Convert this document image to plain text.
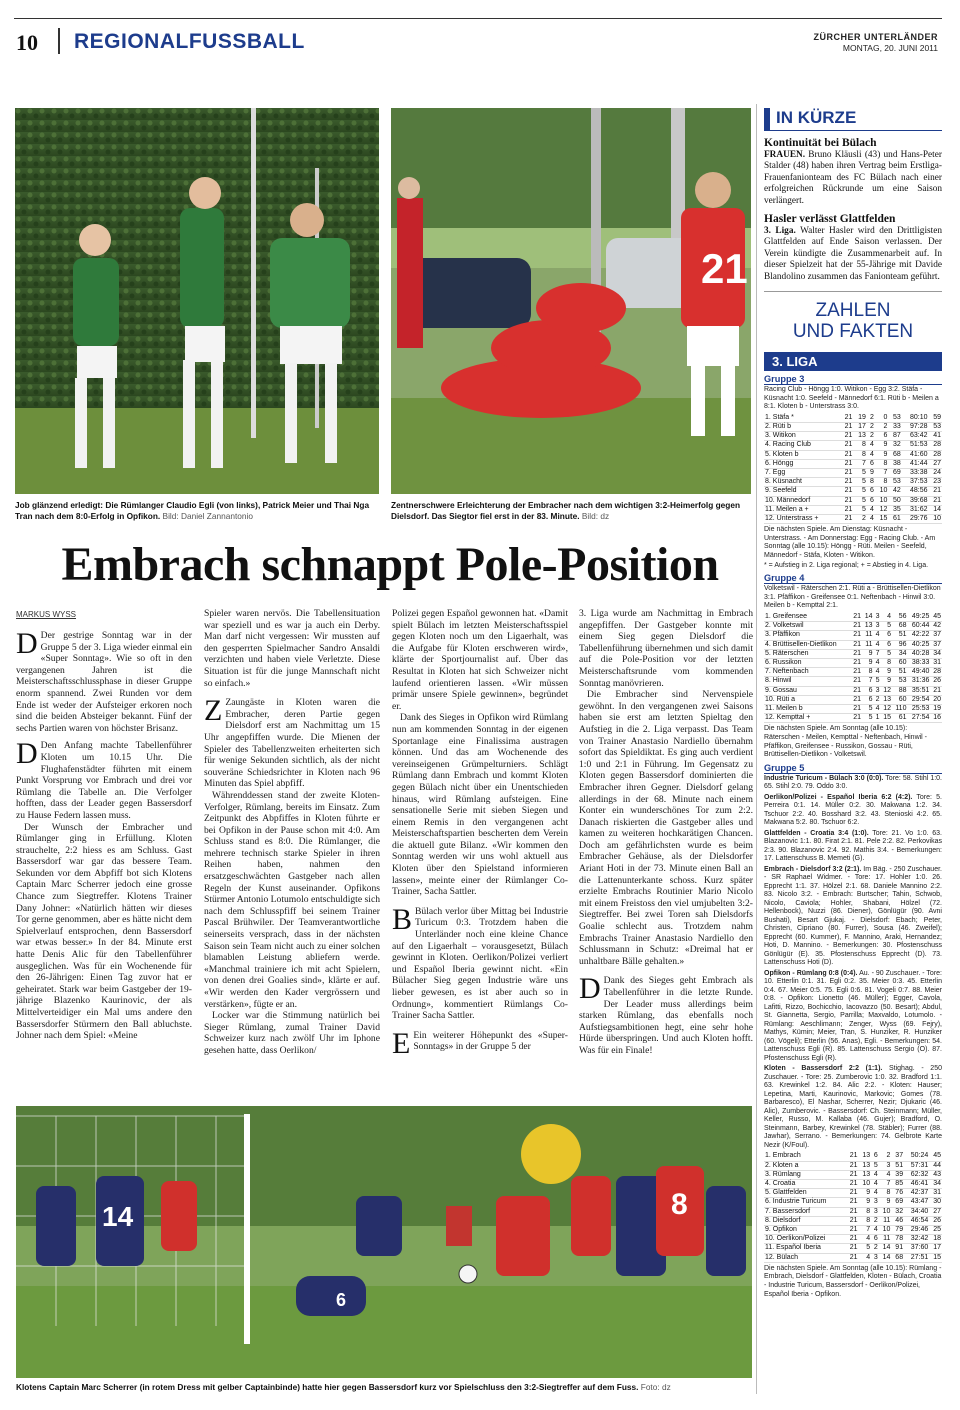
10 REGIONALFUSSBALL	ZÜRCHER UNTERLÄNDER
MONTAG, 20. JUNI 2011
Job glänzend erledigt: Die Rümlanger Claudio Egli (von links), Patrick Meier und Thai Nga Tran nach dem 8:0-Erfolg in Opfikon. Bild: Daniel Zannantonio
21
Zentnerschwere Erleichterung der Embracher nach dem wichtigen 3:2-Heimerfolg gegen Dielsdorf. Das Siegtor fiel erst in der 83. Minute. Bild: dz
Embrach schnappt Pole-Position
MARKUS WYSS

D Der gestrige Sonntag war in der Gruppe 5 der 3. Liga wieder einmal ein «Super Sonntag». Wie so oft in den vergangenen Jahren ist die Meisterschaftsschlussphase in dieser Gruppe enorm spannend. Zwei Runden vor dem Ende ist weder der Aufsteiger erkoren noch sind die beiden Absteiger bekannt. Fünf der sechs Partien waren von höchster Brisanz.

D Den Anfang machte Tabellenführer Kloten um 10.15 Uhr. Die Flughafenstädter führten mit einem Punkt Vorsprung vor Embrach und drei vor Rümlang die Tabelle an. Die Verfolger hofften, dass der Leader gegen Bassersdorf zu Hause Federn lassen muss.

Der Wunsch der Embracher und Rümlanger ging in Erfüllung. Kloten strauchelte, 2:2 hiess es am Schluss. Gast Bassersdorf war gar das bessere Team. Sekunden vor dem Abpfiff bot sich Klotens Captain Marc Scherrer jedoch eine grosse Chance zum Siegtreffer. Klotens Trainer Dany Johner: «Natürlich hätten wir dieses Tor gerne genommen, aber es hätte nicht dem Spielverlauf entsprochen, denn Bassersdorf war etwas besser.» In der 84. Minute erst hatte Denis Alic für den Tabellenführer ausgeglichen. Was für ein Wochenende für den 26-Jährigen: Einen Tag zuvor hat er geheiratet. Stark war beim Gastgeber der 19-jährige Blazenko Kaurinovic, der als Mittelverteidiger ein Mal ums andere den Bassersdorfer Stürmern den Ball abluchste. Johner nach dem Spiel: «Meine

Spieler waren nervös. Die Tabellensituation war speziell und es war ja auch ein Derby. Man darf nicht vergessen: Wir mussten auf den gesperrten Spielmacher Sandro Ansaldi verzichten und haben viele Verletzte. Diese Situation ist für die junge Mannschaft nicht so einfach.»

Z Zaungäste in Kloten waren die Embracher, deren Partie gegen Dielsdorf erst am Nachmittag um 15 Uhr angepfiffen wurde. Die Mienen der Spieler des Tabellenzweiten erheiterten sich für wenige Sekunden sichtlich, als der nicht souveräne Schiedsrichter in Kloten nach 96 Minuten das Spiel abpfiff.

Währenddessen stand der zweite Kloten-Verfolger, Rümlang, bereits im Einsatz. Zum Zeitpunkt des Abpfiffes in Kloten führte er bei Opfikon in der Pause schon mit 4:0. Am Schluss stand es 8:0. Die Rümlanger, die mehrere technisch starke Spieler in ihren Reihen haben, nahmen den ersatzgeschwächten Gastgeber nach allen Regeln der Kunst auseinander. Opfikons Stürmer Antonio Lotumolo entschuldigte sich nach dem Schlusspfiff bei seinem Trainer Pascal Brühwiler. Der Teamverantwortliche seinerseits versprach, dass in der nächsten Saison sein Team nicht auch zu einer solchen blamablen Leistung abliefern werde. «Manchmal trainiere ich mit acht Spielern, von denen drei Goalies sind», klärte er auf. «Wir werden den Kader vergrössern und verstärken», fügte er an.

Locker war die Stimmung natürlich bei Sieger Rümlang, zumal Trainer David Schweizer kurz nach zwölf Uhr im Iphone gesehen hatte, dass Oerlikon/

Polizei gegen Español gewonnen hat. «Damit spielt Bülach im letzten Meisterschaftsspiel gegen Kloten noch um den Ligaerhalt, was die Aufgabe für Kloten erschweren wird», klärte der Sportjournalist auf. Über das Resultat in Kloten hat sich Schweizer nicht laufend orientieren lassen. «Wir müssen primär unsere Spiele gewinnen», begründet er.

Dank des Sieges in Opfikon wird Rümlang nun am kommenden Sonntag in der eigenen Sportanlage eine Finalissima austragen können. Und das am Wochenende des vereinseigenen Grümpelturniers. Schlägt Rümlang dann Embrach und kommt Kloten gegen Bülach nicht über ein Unentschieden hinaus, wird Rümlang aufsteigen. Eine sensationelle Serie mit sieben Siegen und einem Remis in den vergangenen acht Meisterschaftspartien bescherten dem Verein die aktuell gute Bilanz. «Wir kommen den Sonntag werden wir uns wohl aktuell aus Kloten über den Spielstand informieren lassen», meinte einer der Rümlanger Co-Trainer, Sacha Sattler.

B Bülach verlor über Mittag bei Industrie Turicum 0:3. Trotzdem haben die Unterländer noch eine kleine Chance auf den Ligaerhalt – vorausgesetzt, Bülach gewinnt in Kloten. Oerlikon/Polizei verliert und Español Iberia gewinnt nicht. «Ein Bülacher Sieg gegen Industrie wäre uns lieber gewesen, es ist aber auch so in Ordnung», kommentiert Rümlangs Co-Trainer Sacha Sattler.

E Ein weiterer Höhepunkt des «Super-Sonntags» in der Gruppe 5 der

3. Liga wurde am Nachmittag in Embrach angepfiffen. Der Gastgeber konnte mit einem Sieg gegen Dielsdorf die Tabellenführung übernehmen und sich damit auf die Pole-Position vor der letzten Meisterschaftsrunde vom kommenden Sonntag manövrieren.

Die Embracher sind Nervenspiele gewöhnt. In den vergangenen zwei Saisons haben sie erst am letzten Spieltag den Aufstieg in die 2. Liga verpasst. Das Team von Trainer Anastasio Nardiello übernahm sofort das Spieldiktat. Es ging auch verdient 1:0 und 2:1 in Führung. Im Gegensatz zu Kloten gegen Bassersdorf dominierten die Embracher ihren Gegner. Dielsdorf gelang allerdings in der 68. Minute nach einem Konter ein wunderschönes Tor zum 2:2. Danach riskierten die Gastgeber alles und kamen zu weiteren hochkarätigen Chancen. Doch am gefährlichsten wurde es beim Embracher Gehäuse, als der Dielsdorfer Ariant Hoti in der 73. Minute einen Ball an die Lattenunterkante schoss. Kurz später erzielte Embrachs Routinier Mario Nicolo mit einem Freistoss den viel umjubelten 3:2-Siegtreffer. Bei zwei Toren sah Dielsdorfs Goalie schlecht aus. Trotzdem nahm Embrachs Trainer Anastasio Nardiello den Schlussmann in Schutz: «Dreimal hat er unhaltbare Bälle gehalten.»

D Dank des Sieges geht Embrach als Tabellenführer in die letzte Runde. Der Leader muss allerdings beim starken Rümlang, das ebenfalls noch Aufstiegsambitionen hegt, eine sehr hohe Hürde überspringen. Und auch Kloten hofft. Was für ein Finale!

14	8
6
Klotens Captain Marc Scherrer (in rotem Dress mit gelber Captainbinde) hatte hier gegen Bassersdorf kurz vor Spielschluss den 3:2-Siegtreffer auf dem Fuss. Foto: dz
IN KÜRZE
Kontinuität bei Bülach

FRAUEN. Bruno Kläusli (43) und Hans-Peter Stalder (48) haben ihren Vertrag beim Erstliga-Frauenfanionteam des FC Bülach nach einer erfolgreichen Rückrunde um eine Saison verlängert.

Hasler verlässt Glattfelden

3. Liga. Walter Hasler wird den Drittligisten Glattfelden auf Ende Saison verlassen. Der Verein kündigte die Zusammenarbeit auf. In dieser Spielzeit hat der 55-Jährige mit Davide Blandolino zusammen das Fanionteam geführt.

ZAHLEN
UND FAKTEN
3. LIGA
Gruppe 3
Racing Club - Höngg 1:0. Witikon - Egg 3:2. Stäfa - Küsnacht 1:0. Seefeld - Männedorf 6:1. Rüti b - Meilen a 8:1. Kloten b - Unterstrass 3:0.
1. Stäfa *	21	19	2	0	53	80:10	59
2. Rüti b	21	17	2	2	33	97:28	53
3. Witikon	21	13	2	6	87	63:42	41
4. Racing Club	21	8	4	9	32	51:53	28
5. Kloten b	21	8	4	9	68	41:60	28
6. Höngg	21	7	6	8	38	41:44	27
7. Egg	21	5	9	7	69	33:38	24
8. Küsnacht	21	5	8	8	53	37:53	23
9. Seefeld	21	5	6	10	42	48:56	21
10. Männedorf	21	5	6	10	50	39:68	21
11. Meilen a +	21	5	4	12	35	31:62	14
12. Unterstrass +	21	2	4	15	61	29:76	10
Die nächsten Spiele. Am Dienstag: Küsnacht - Unterstrass. - Am Donnerstag: Egg - Racing Club. - Am Sonntag (alle 10.15): Höngg - Rüti. Meilen - Seefeld, Männedorf - Stäfa, Kloten - Witikon.
* = Aufstieg in 2. Liga regional; + = Abstieg in 4. Liga.
Gruppe 4
Volketswil - Räterschen 2:1. Rüti a - Brüttisellen-Dietlikon 3:1. Pfäffikon - Greifensee 0:1. Neftenbach - Hinwil 3:0. Meilen b - Kempttal 2:1.
1. Greifensee	21	14	3	4	56	49:25	45
2. Volketswil	21	13	3	5	68	60:44	42
3. Pfäffikon	21	11	4	6	51	42:22	37
4. Brüttisellen-Dietlikon	21	11	4	6	96	40:25	37
5. Räterschen	21	9	7	5	34	40:28	34
6. Russikon	21	9	4	8	60	38:33	31
7. Neftenbach	21	8	4	9	51	49:40	28
8. Hinwil	21	7	5	9	53	31:36	26
9. Gossau	21	6	3	12	88	35:51	21
10. Rüti a	21	6	2	13	60	29:54	20
11. Meilen b	21	5	4	12	110	25:53	19
12. Kempttal +	21	5	1	15	61	27:54	16
Die nächsten Spiele. Am Sonntag (alle 10.15): Räterschen - Meilen, Kempttal - Neftenbach, Hinwil - Pfäffikon, Greifensee - Russikon, Gossau - Rüti, Brüttisellen-Dietlikon - Volketswil.
Gruppe 5
Industrie Turicum - Bülach 3:0 (0:0). Tore: 58. Stihl 1:0. 65. Stihl 2:0. 79. Oddo 3:0.
Oerlikon/Polizei - Español Iberia 6:2 (4:2). Tore: 5. Perreira 0:1. 14. Müller 0:2. 30. Makwana 1:2. 34. Tschuor 2:2. 40. Bosshard 3:2. 43. Stenioski 4:2. 65. Makwana 5:2. 80. Tschuor 6:2.
Glattfelden - Croatia 3:4 (1:0). Tore: 21. Vo 1:0. 63. Blazanovic 1:1. 80. Firat 2:1. 81. Pele 2:2. 82. Perkovikas 2:3. 90. Blazanovic 2:4. 92. Mathis 3:4. - Bemerkungen: 17. Lattenschuss B. Memeti (G).
Embrach - Dielsdorf 3:2 (2:1). Im Bäg. - 250 Zuschauer. - SR Raphael Widmer. - Tore: 17. Hohler 1:0. 26. Epprecht 1:1. 37. Hölzel 2:1. 68. Daniele Mannino 2:2. 83. Nicolo 3:2. - Embrach: Burtscher; Tahin, Schwob, Nicolo, Caviola; Hohler, Shabani, Hölzel (72. Hellenbock), Nuzzi (86. Diener), Gönlügür (90. Avni Bushati), Besart Gjukaj. - Dielsdorf: Ebach; Peter, Christen, Cipriano (80. Furrer), Sousa (46. Zweifel); Epprecht (60. Kummer), F. Mannino, Araki, Hernandez; Hoti, D. Mannino. - Bemerkungen: 30. Pfostenschuss Gönlügür (E). 35. Pfostenschuss Epprecht (D). 73. Lattenschuss Hoti (D).
Opfikon - Rümlang 0:8 (0:4). Au. - 90 Zuschauer. - Tore: 10. Etterlin 0:1. 31. Egli 0:2. 35. Meier 0:3. 45. Etterlin 0:4. 67. Meier 0:5. 75. Egli 0:6. 81. Vogeli 0:7. 88. Meier 0:8. - Opfikon: Lionetto (46. Müller); Egger, Cavola, Lafitti, Rizzo, Bochicchio, Iacovazzo (50. Besart); Abdul, St. Giannetta, Sergio, Parrilla; Maxvaldo, Lotumolo. - Rümlang: Aeschlimann; Zenger, Wyss (69. Fejry), Mathys, Kümin; Meier, Tran, S. Hunziker, R. Hunziker (60. Vögeli); Etterlin (56. Anas), Egli. - Bemerkungen: 54. Lattenschuss Egli (R). 85. Lattenschuss Sergio (O). 87. Pfostenschuss Egli (R).
Kloten - Bassersdorf 2:2 (1:1). Stighag. - 250 Zuschauer. - Tore: 25. Zumberovic 1:0. 32. Bradford 1:1. 63. Krewinkel 1:2. 84. Alic 2:2. - Kloten: Hauser; Lepetina, Marti, Kaurinovic, Markovic; Gomes (78. Barbaresco), El Nashar, Scherrer, Nezir; Djukaric (46. Alic), Zumberovic. - Bassersdorf: Ch. Steinmann; Müller, Keller, Russo, M. Kallaba (46. Gujer); Bradford, O. Steinmann, Barbey, Krewinkel (78. Stäbler); Furrer (88. Jawhar), Serrano. - Bemerkungen: 74. Gelbrote Karte Nezir (K/Foul).
1. Embrach	21	13	6	2	37	50:24	45
2. Kloten a	21	13	5	3	51	57:31	44
3. Rümlang	21	13	4	4	39	62:32	43
4. Croatia	21	10	4	7	85	46:41	34
5. Glattfelden	21	9	4	8	76	42:37	31
6. Industrie Turicum	21	9	3	9	69	43:47	30
7. Bassersdorf	21	8	3	10	32	34:40	27
8. Dielsdorf	21	8	2	11	46	46:54	26
9. Opfikon	21	7	4	10	79	29:46	25
10. Oerlikon/Polizei	21	4	6	11	78	32:42	18
11. Español Iberia	21	5	2	14	91	37:60	17
12. Bülach	21	4	3	14	68	27:51	15
Die nächsten Spiele. Am Sonntag (alle 10.15): Rümlang - Embrach, Dielsdorf - Glattfelden, Kloten - Bülach, Croatia - Industrie Turicum, Bassersdorf - Oerlikon/Polizei, Español Iberia - Opfikon.
